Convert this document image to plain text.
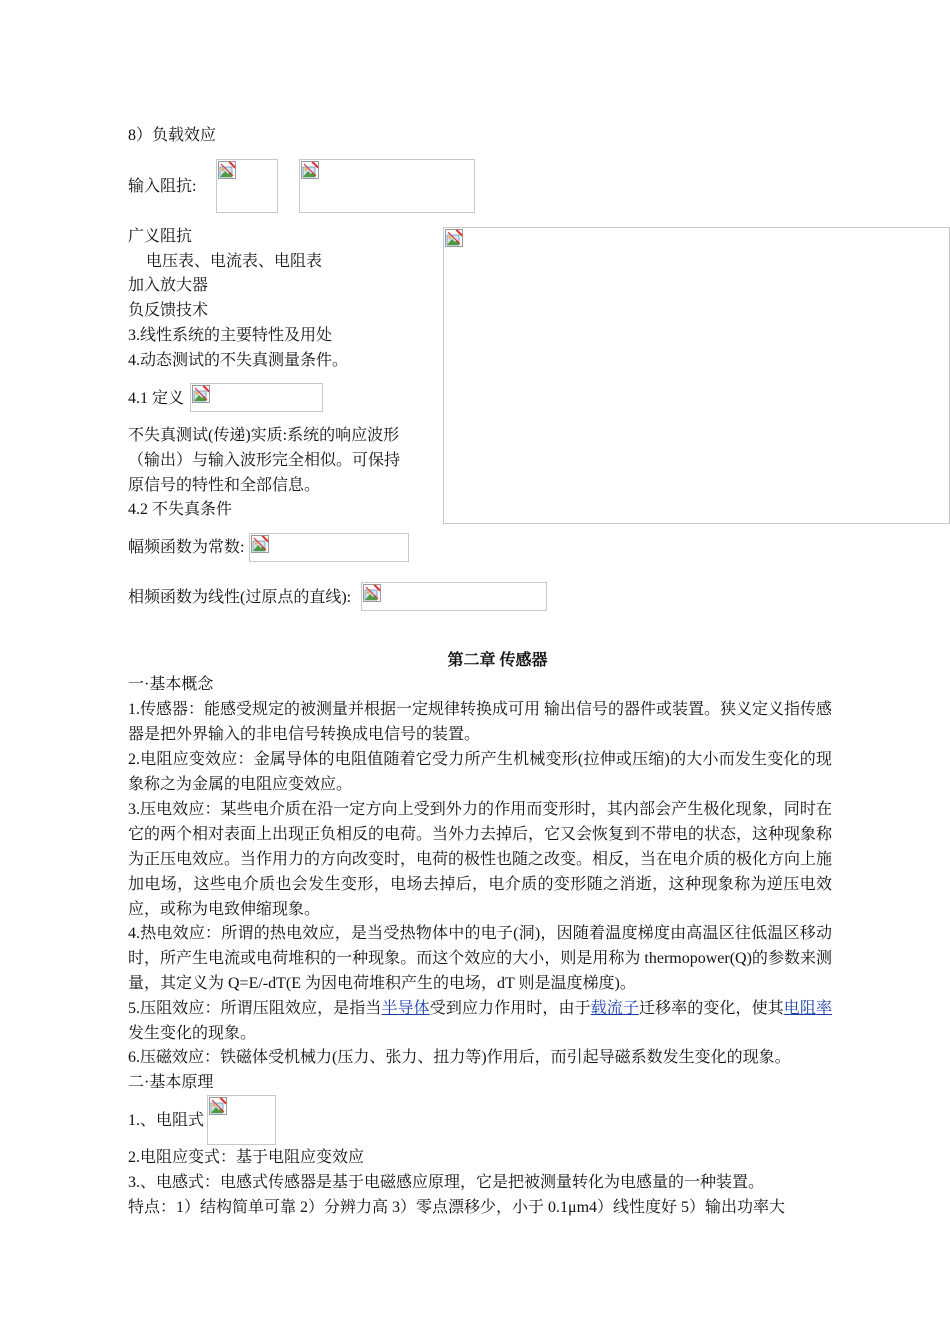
8）负载效应
输入阻抗:
广义阻抗
电压表、电流表、电阻表
加入放大器
负反馈技术
3.线性系统的主要特性及用处
4.动态测试的不失真测量条件。
4.1 定义
不失真测试(传递)实质:系统的响应波形
（输出）与输入波形完全相似。可保持
原信号的特性和全部信息。
4.2 不失真条件
幅频函数为常数:
相频函数为线性(过原点的直线):
第二章 传感器
一·基本概念
1.传感器：能感受规定的被测量并根据一定规律转换成可用 输出信号的器件或装置。狭义定义指传感器是把外界输入的非电信号转换成电信号的装置。
2.电阻应变效应：金属导体的电阻值随着它受力所产生机械变形(拉伸或压缩)的大小而发生变化的现象称之为金属的电阻应变效应。
3.压电效应：某些电介质在沿一定方向上受到外力的作用而变形时，其内部会产生极化现象，同时在它的两个相对表面上出现正负相反的电荷。当外力去掉后，它又会恢复到不带电的状态，这种现象称为正压电效应。当作用力的方向改变时，电荷的极性也随之改变。相反，当在电介质的极化方向上施加电场，这些电介质也会发生变形，电场去掉后，电介质的变形随之消逝，这种现象称为逆压电效应，或称为电致伸缩现象。
4.热电效应：所谓的热电效应，是当受热物体中的电子(洞)，因随着温度梯度由高温区往低温区移动时，所产生电流或电荷堆积的一种现象。而这个效应的大小，则是用称为 thermopower(Q)的参数来测量，其定义为 Q=E/-dT(E 为因电荷堆积产生的电场，dT 则是温度梯度)。
5.压阻效应：所谓压阻效应，是指当半导体受到应力作用时，由于载流子迁移率的变化，使其电阻率发生变化的现象。
6.压磁效应：铁磁体受机械力(压力、张力、扭力等)作用后，而引起导磁系数发生变化的现象。
二·基本原理
1.、电阻式
2.电阻应变式：基于电阻应变效应
3.、电感式：电感式传感器是基于电磁感应原理，它是把被测量转化为电感量的一种装置。
特点：1）结构简单可靠 2）分辨力高 3）零点漂移少，小于 0.1μm4）线性度好 5）输出功率大
